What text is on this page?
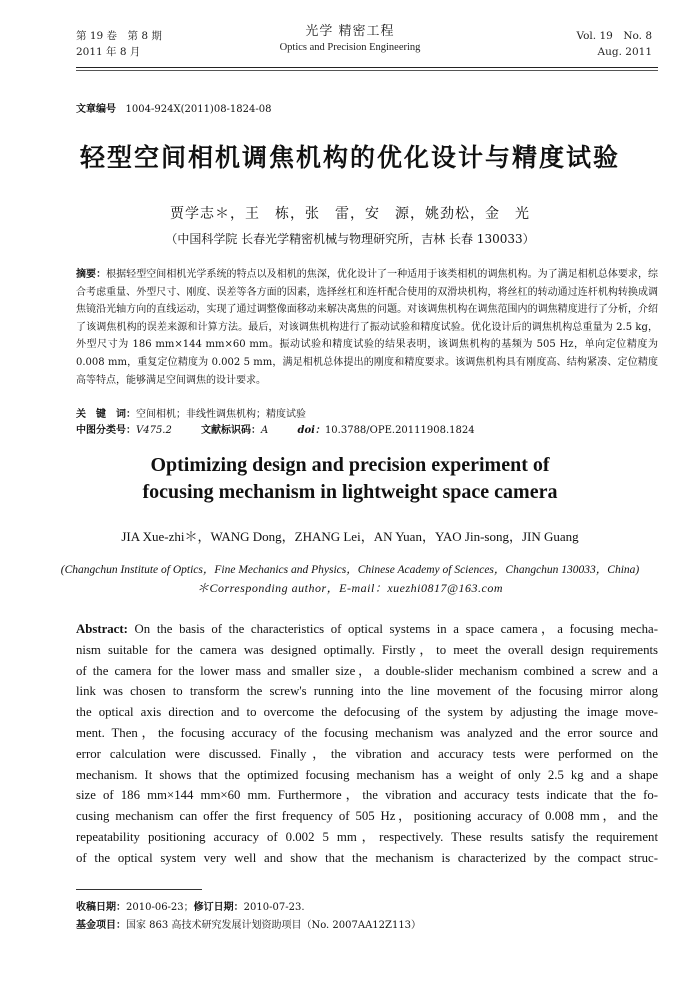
第 19 卷　第 8 期
2011 年 8 月
光学 精密工程
Optics and Precision Engineering
Vol. 19　No. 8
Aug. 2011
文章编号 1004-924X(2011)08-1824-08
轻型空间相机调焦机构的优化设计与精度试验
贾学志＊，王　栋，张　雷，安　源，姚劲松，金　光
（中国科学院 长春光学精密机械与物理研究所，吉林 长春 130033）
摘要：根据轻型空间相机光学系统的特点以及相机的焦深，优化设计了一种适用于该类相机的调焦机构。为了满足相机总体要求，综合考虑重量、外型尺寸、刚度、误差等各方面的因素，选择丝杠和连杆配合使用的双滑块机构，将丝杠的转动通过连杆机构转换成调焦镜沿光轴方向的直线运动，实现了通过调整像面移动来解决离焦的问题。对该调焦机构在调焦范围内的调焦精度进行了分析，介绍了该调焦机构的误差来源和计算方法。最后，对该调焦机构进行了振动试验和精度试验。优化设计后的调焦机构总重量为 2.5 kg，外型尺寸为 186 mm×144 mm×60 mm。振动试验和精度试验的结果表明，该调焦机构的基频为 505 Hz，单向定位精度为 0.008 mm，重复定位精度为 0.002 5 mm，满足相机总体提出的刚度和精度要求。该调焦机构具有刚度高、结构紧凑、定位精度高等特点，能够满足空间调焦的设计要求。
关　键　词：空间相机；非线性调焦机构；精度试验
中图分类号：V475.2	文献标识码：A	doi：10.3788/OPE.20111908.1824
Optimizing design and precision experiment of
focusing mechanism in lightweight space camera
JIA Xue-zhi＊，WANG Dong，ZHANG Lei，AN Yuan，YAO Jin-song，JIN Guang
(Changchun Institute of Optics，Fine Mechanics and Physics，Chinese Academy of Sciences，Changchun 130033，China)
＊Corresponding author，E-mail：xuezhi0817@163.com
Abstract: On the basis of the characteristics of optical systems in a space camera，a focusing mecha-
nism suitable for the camera was designed optimally. Firstly，to meet the overall design requirements
of the camera for the lower mass and smaller size，a double-slider mechanism combined a screw and a
link was chosen to transform the screw's running into the line movement of the focusing mirror along
the optical axis direction and to overcome the defocusing of the system by adjusting the image move-
ment. Then，the focusing accuracy of the focusing mechanism was analyzed and the error source and
error calculation were discussed. Finally，the vibration and accuracy tests were performed on the
mechanism. It shows that the optimized focusing mechanism has a weight of only 2.5 kg and a shape
size of 186 mm×144 mm×60 mm. Furthermore，the vibration and accuracy tests indicate that the fo-
cusing mechanism can offer the first frequency of 505 Hz，positioning accuracy of 0.008 mm，and the
repeatability positioning accuracy of 0.002 5 mm，respectively. These results satisfy the requirement
of the optical system very well and show that the mechanism is characterized by the compact struc-
收稿日期：2010-06-23；修订日期：2010-07-23.
基金项目：国家 863 高技术研究发展计划资助项目（No. 2007AA12Z113）
